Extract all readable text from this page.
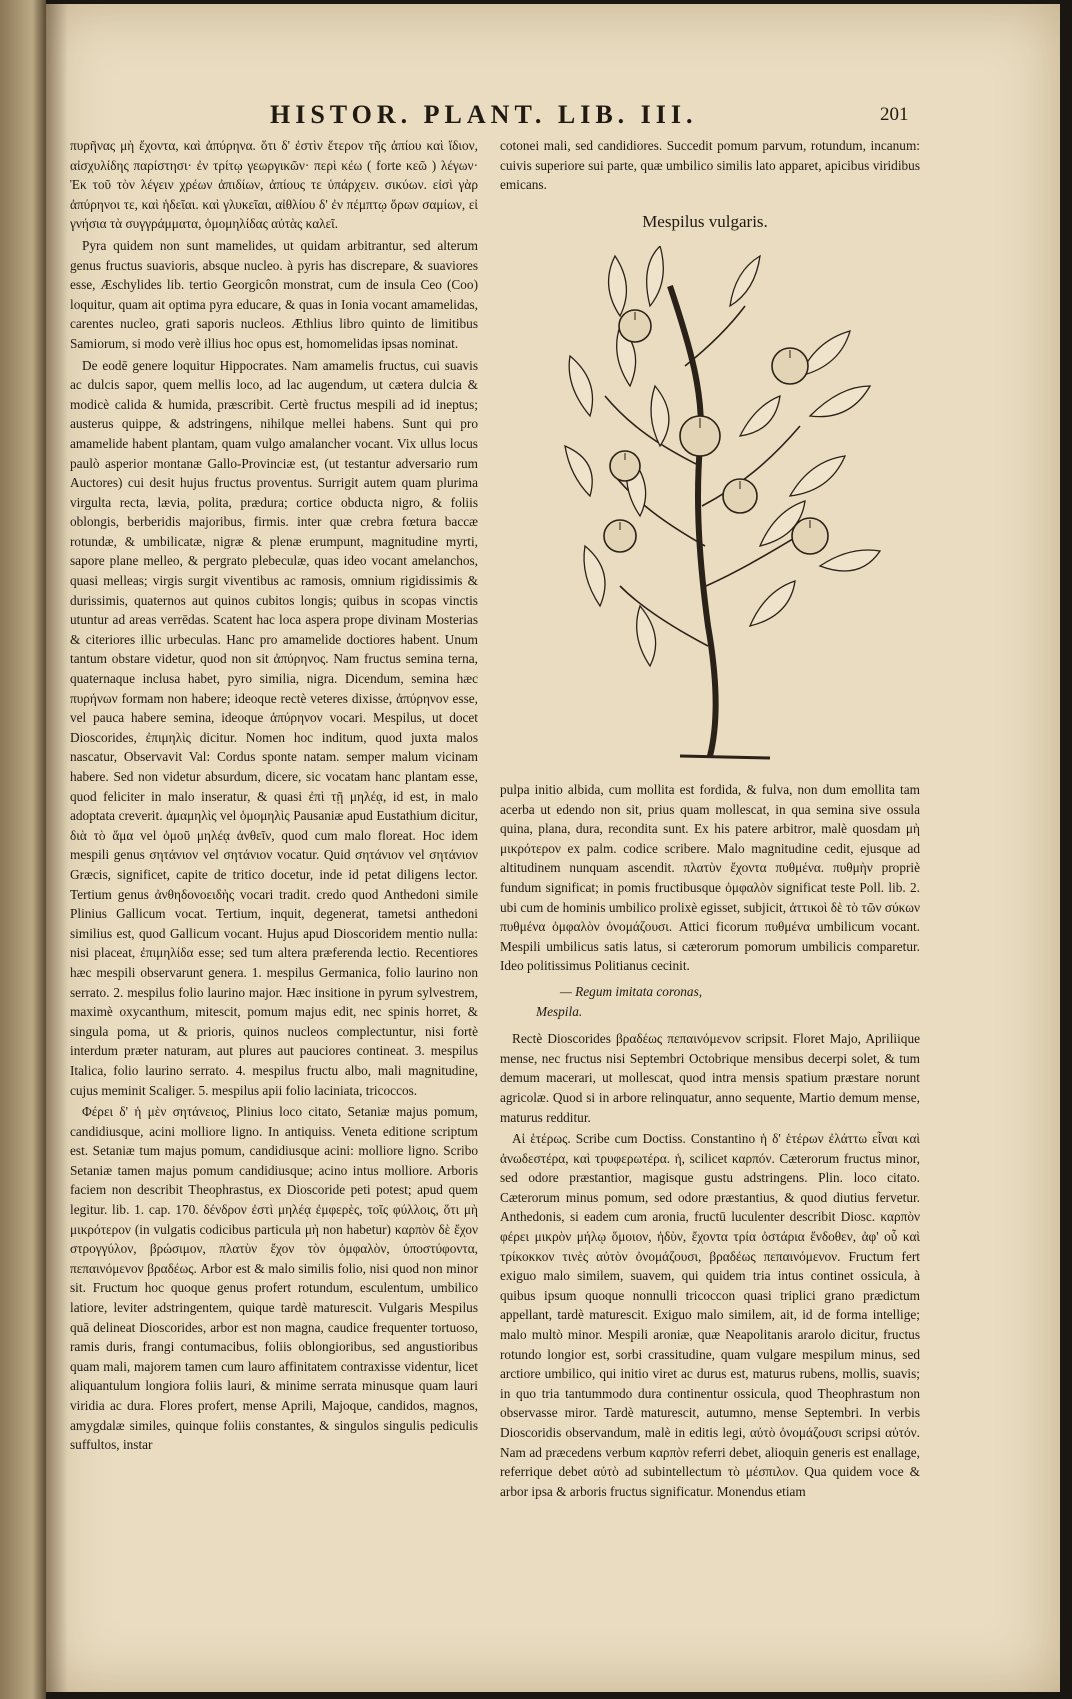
HISTOR. PLANT. LIB. III.	201

πυρῆνας μὴ ἔχοντα, καὶ ἀπύρηνα. ὅτι δ' ἐστὶν ἕτερον τῆς ἀπίου καὶ ἴδιον, αἰσχυλίδης παρίστησι· ἐν τρίτῳ γεωργικῶν· περὶ κέω ( forte κεῶ ) λέγων· Ἐκ τοῦ τὸν λέγειν χρέων ἀπιδίων, ἀπίους τε ὑπάρχειν. σικύων. εἰσὶ γὰρ ἀπύρηνοι τε, καὶ ἡδεῖαι. καὶ γλυκεῖαι, αἰθλίου δ' ἐν πέμπτῳ ὅρων σαμίων, εἰ γνήσια τὰ συγγράμματα, ὁμομηλίδας αὐτὰς καλεῖ.

Pyra quidem non sunt mamelides, ut quidam arbitrantur, sed alterum genus fructus suavioris, absque nucleo. à pyris has discrepare, & suaviores esse, Æschylides lib. tertio Georgicôn monstrat, cum de insula Ceo (Coo) loquitur, quam ait optima pyra educare, & quas in Ionia vocant amamelidas, carentes nucleo, grati saporis nucleos. Æthlius libro quinto de limitibus Samiorum, si modo verè illius hoc opus est, homomelidas ipsas nominat.

De eodē genere loquitur Hippocrates. Nam amamelis fructus, cui suavis ac dulcis sapor, quem mellis loco, ad lac augendum, ut cætera dulcia & modicè calida & humida, præscribit. Certè fructus mespili ad id ineptus; austerus quippe, & adstringens, nihilque mellei habens. Sunt qui pro amamelide habent plantam, quam vulgo amalancher vocant. Vix ullus locus paulò asperior montanæ Gallo-Provinciæ est, (ut testantur adversario rum Auctores) cui desit hujus fructus proventus. Surrigit autem quam plurima virgulta recta, lævia, polita, prædura; cortice obducta nigro, & foliis oblongis, berberidis majoribus, firmis. inter quæ crebra fœtura baccæ rotundæ, & umbilicatæ, nigræ & plenæ erumpunt, magnitudine myrti, sapore plane melleo, & pergrato plebeculæ, quas ideo vocant amelanchos, quasi melleas; virgis surgit viventibus ac ramosis, omnium rigidissimis & durissimis, quaternos aut quinos cubitos longis; quibus in scopas vinctis utuntur ad areas verrēdas. Scatent hac loca aspera prope divinam Mosterias & citeriores illic urbeculas. Hanc pro amamelide doctiores habent. Unum tantum obstare videtur, quod non sit ἀπύρηνος. Nam fructus semina terna, quaternaque inclusa habet, pyro similia, nigra. Dicendum, semina hæc πυρήνων formam non habere; ideoque rectè veteres dixisse, ἀπύρηνον esse, vel pauca habere semina, ideoque ἀπύρηνον vocari. Mespilus, ut docet Dioscorides, ἐπιμηλὶς dicitur. Nomen hoc inditum, quod juxta malos nascatur, Observavit Val: Cordus sponte natam. semper malum vicinam habere. Sed non videtur absurdum, dicere, sic vocatam hanc plantam esse, quod feliciter in malo inseratur, & quasi ἐπὶ τῇ μηλέᾳ, id est, in malo adoptata creverit. ἀμαμηλὶς vel ὁμομηλὶς Pausaniæ apud Eustathium dicitur, διὰ τὸ ἅμα vel ὁμοῦ μηλέᾳ ἀνθεῖν, quod cum malo floreat. Hoc idem mespili genus σητάνιον vel σητάνιον vocatur. Quid σητάνιον vel σητάνιον Græcis, significet, capite de tritico docetur, inde id petat diligens lector. Tertium genus ἀνθηδονοειδὴς vocari tradit. credo quod Anthedoni simile Plinius Gallicum vocat. Tertium, inquit, degenerat, tametsi anthedoni similius est, quod Gallicum vocant. Hujus apud Dioscoridem mentio nulla: nisi placeat, ἐπιμηλίδα esse; sed tum altera præferenda lectio. Recentiores hæc mespili observarunt genera. 1. mespilus Germanica, folio laurino non serrato. 2. mespilus folio laurino major. Hæc insitione in pyrum sylvestrem, maximè oxycanthum, mitescit, pomum majus edit, nec spinis horret, & singula poma, ut & prioris, quinos nucleos complectuntur, nisi fortè interdum præter naturam, aut plures aut pauciores contineat. 3. mespilus Italica, folio laurino serrato. 4. mespilus fructu albo, mali magnitudine, cujus meminit Scaliger. 5. mespilus apii folio laciniata, tricoccos.

Φέρει δ' ἡ μὲν σητάνειος, Plinius loco citato, Setaniæ majus pomum, candidiusque, acini molliore ligno. In antiquiss. Veneta editione scriptum est. Setaniæ tum majus pomum, candidiusque acini: molliore ligno. Scribo Setaniæ tamen majus pomum candidiusque; acino intus molliore. Arboris faciem non describit Theophrastus, ex Dioscoride peti potest; apud quem legitur. lib. 1. cap. 170. δένδρον ἐστὶ μηλέᾳ ἐμφερὲς, τοῖς φύλλοις, ὅτι μὴ μικρότερον (in vulgatis codicibus particula μὴ non habetur) καρπὸν δὲ ἔχον στρογγύλον, βρώσιμον, πλατὺν ἔχον τὸν ὀμφαλὸν, ὑποστύφοντα, πεπαινόμενον βραδέως. Arbor est & malo similis folio, nisi quod non minor sit. Fructum hoc quoque genus profert rotundum, esculentum, umbilico latiore, leviter adstringentem, quique tardè maturescit. Vulgaris Mespilus quā delineat Dioscorides, arbor est non magna, caudice frequenter tortuoso, ramis duris, frangi contumacibus, foliis oblongioribus, sed angustioribus quam mali, majorem tamen cum lauro affinitatem contraxisse videntur, licet aliquantulum longiora foliis lauri, & minime serrata minusque quam lauri viridia ac dura. Flores profert, mense Aprili, Majoque, candidos, magnos, amygdalæ similes, quinque foliis constantes, & singulos singulis pediculis suffultos, instar

cotonei mali, sed candidiores. Succedit pomum parvum, rotundum, incanum: cuivis superiore sui parte, quæ umbilico similis lato apparet, apicibus viridibus emicans.

Mespilus vulgaris.

pulpa initio albida, cum mollita est fordida, & fulva, non dum emollita tam acerba ut edendo non sit, prius quam mollescat, in qua semina sive ossula quina, plana, dura, recondita sunt. Ex his patere arbitror, malè quosdam μὴ μικρότερον ex palm. codice scribere. Malo magnitudine cedit, ejusque ad altitudinem nunquam ascendit. πλατὺν ἔχοντα πυθμένα. πυθμὴν propriè fundum significat; in pomis fructibusque ὀμφαλὸν significat teste Poll. lib. 2. ubi cum de hominis umbilico prolixè egisset, subjicit, ἀττικοὶ δὲ τὸ τῶν σύκων πυθμένα ὀμφαλὸν ὀνομάζουσι. Attici ficorum πυθμένα umbilicum vocant. Mespili umbilicus satis latus, si cæterorum pomorum umbilicis comparetur. Ideo politissimus Politianus cecinit.

— Regum imitata coronas,
Mespila.

Rectè Dioscorides βραδέως πεπαινόμενον scripsit. Floret Majo, Apriliique mense, nec fructus nisi Septembri Octobrique mensibus decerpi solet, & tum demum macerari, ut mollescat, quod intra mensis spatium præstare norunt agricolæ. Quod si in arbore relinquatur, anno sequente, Martio demum mense, maturus redditur.

Αἱ ἑτέρως. Scribe cum Doctiss. Constantino ἡ δ' ἑτέρων ἐλάττω εἶναι καὶ ἀνωδεστέρα, καὶ τρυφερωτέρα. ἡ, scilicet καρπόν. Cæterorum fructus minor, sed odore præstantior, magisque gustu adstringens. Plin. loco citato. Cæterorum minus pomum, sed odore præstantius, & quod diutius fervetur. Anthedonis, si eadem cum aronia, fructū luculenter describit Diosc. καρπὸν φέρει μικρὸν μήλῳ ὅμοιον, ἡδὺν, ἔχοντα τρία ὀστάρια ἔνδοθεν, ἀφ' οὗ καὶ τρίκοκκον τινὲς αὐτὸν ὀνομάζουσι, βραδέως πεπαινόμενον. Fructum fert exiguo malo similem, suavem, qui quidem tria intus continet ossicula, à quibus ipsum quoque nonnulli tricoccon quasi triplici grano prædictum appellant, tardè maturescit. Exiguo malo similem, ait, id de forma intellige; malo multò minor. Mespili aroniæ, quæ Neapolitanis ararolo dicitur, fructus rotundo longior est, sorbi crassitudine, quam vulgare mespilum minus, sed arctiore umbilico, qui initio viret ac durus est, maturus rubens, mollis, suavis; in quo tria tantummodo dura continentur ossicula, quod Theophrastum non observasse miror. Tardè maturescit, autumno, mense Septembri. In verbis Dioscoridis observandum, malè in editis legi, αὐτὸ ὀνομάζουσι scripsi αὐτόν. Nam ad præcedens verbum καρπὸν referri debet, alioquin generis est enallage, referrique debet αὐτὸ ad subintellectum τὸ μέσπιλον. Qua quidem voce & arbor ipsa & arboris fructus significatur. Monendus etiam
